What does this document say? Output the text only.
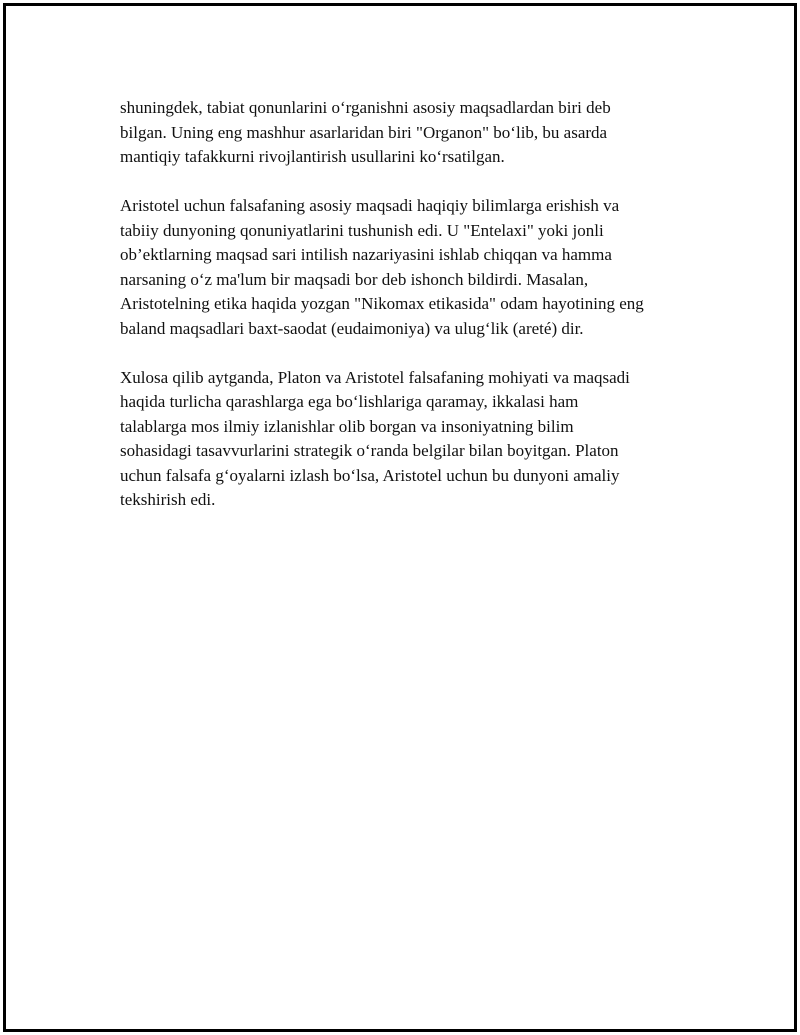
shuningdek, tabiat qonunlarini oʻrganishni asosiy maqsadlardan biri deb
bilgan. Uning eng mashhur asarlaridan biri "Organon" boʻlib, bu asarda
mantiqiy tafakkurni rivojlantirish usullarini koʻrsatilgan.

Aristotel uchun falsafaning asosiy maqsadi haqiqiy bilimlarga erishish va
tabiiy dunyoning qonuniyatlarini tushunish edi. U "Entelaxi" yoki jonli
ob’ektlarning maqsad sari intilish nazariyasini ishlab chiqqan va hamma
narsaning oʻz ma'lum bir maqsadi bor deb ishonch bildirdi. Masalan,
Aristotelning etika haqida yozgan "Nikomax etikasida" odam hayotining eng
baland maqsadlari baxt-saodat (eudaimoniya) va ulugʻlik (areté) dir.

Xulosa qilib aytganda, Platon va Aristotel falsafaning mohiyati va maqsadi
haqida turlicha qarashlarga ega boʻlishlariga qaramay, ikkalasi ham
talablarga mos ilmiy izlanishlar olib borgan va insoniyatning bilim
sohasidagi tasavvurlarini strategik oʻranda belgilar bilan boyitgan. Platon
uchun falsafa gʻoyalarni izlash boʻlsa, Aristotel uchun bu dunyoni amaliy
tekshirish edi.
